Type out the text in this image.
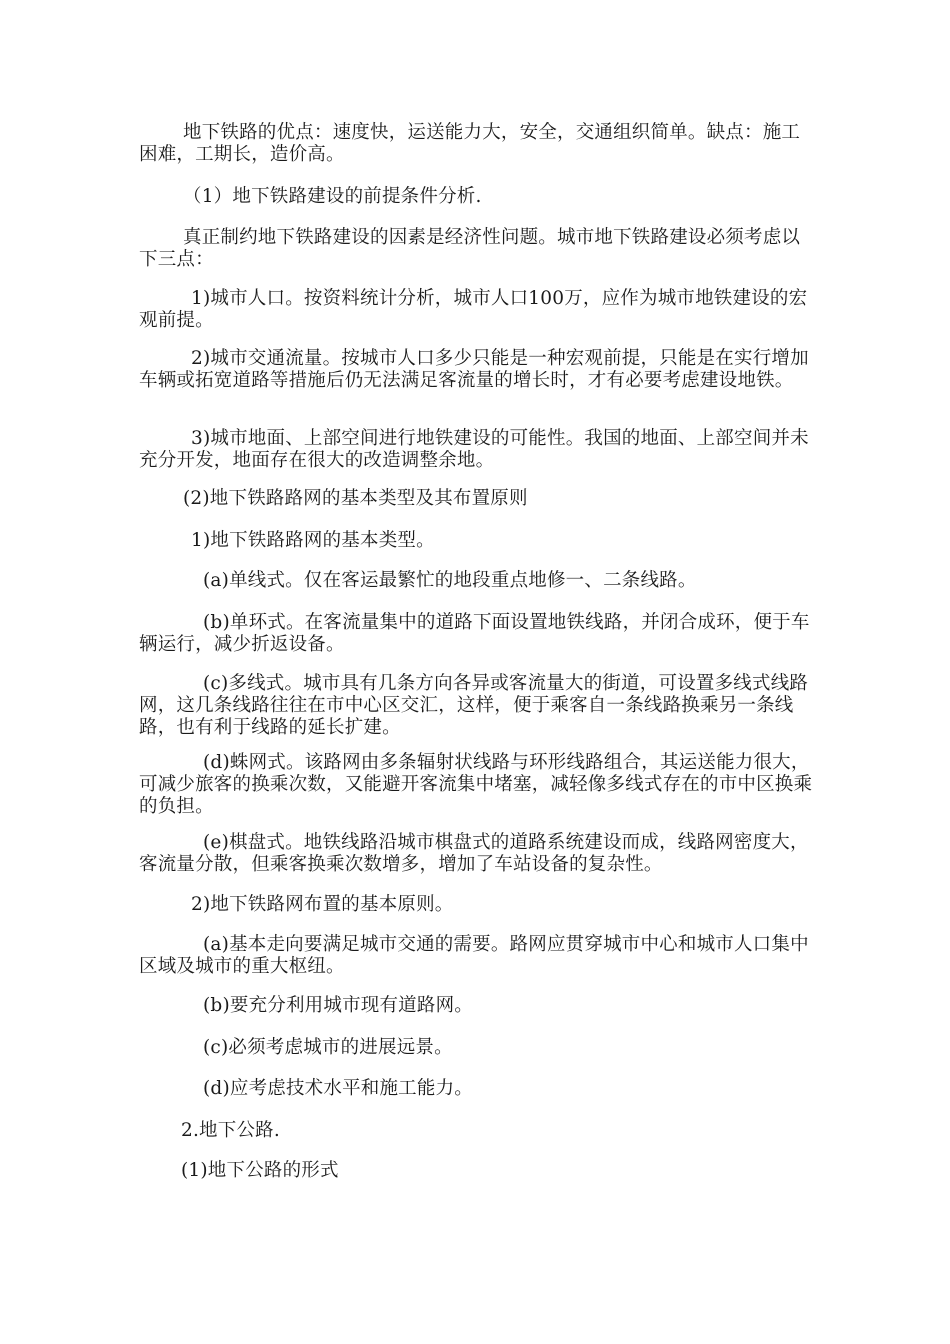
地下铁路的优点：速度快，运送能力大，安全，交通组织简单。缺点：施工困难，工期长，造价高。

（1）地下铁路建设的前提条件分析.

真正制约地下铁路建设的因素是经济性问题。城市地下铁路建设必须考虑以下三点：

1)城市人口。按资料统计分析，城市人口100万，应作为城市地铁建设的宏观前提。

2)城市交通流量。按城市人口多少只能是一种宏观前提，只能是在实行增加车辆或拓宽道路等措施后仍无法满足客流量的增长时，才有必要考虑建设地铁。

3)城市地面、上部空间进行地铁建设的可能性。我国的地面、上部空间并未充分开发，地面存在很大的改造调整余地。

(2)地下铁路路网的基本类型及其布置原则

1)地下铁路路网的基本类型。

(a)单线式。仅在客运最繁忙的地段重点地修一、二条线路。

(b)单环式。在客流量集中的道路下面设置地铁线路，并闭合成环，便于车辆运行，减少折返设备。

(c)多线式。城市具有几条方向各异或客流量大的街道，可设置多线式线路网，这几条线路往往在市中心区交汇，这样，便于乘客自一条线路换乘另一条线路，也有利于线路的延长扩建。

(d)蛛网式。该路网由多条辐射状线路与环形线路组合，其运送能力很大，可减少旅客的换乘次数，又能避开客流集中堵塞，减轻像多线式存在的市中区换乘的负担。

(e)棋盘式。地铁线路沿城市棋盘式的道路系统建设而成，线路网密度大，客流量分散，但乘客换乘次数增多，增加了车站设备的复杂性。

2)地下铁路网布置的基本原则。

(a)基本走向要满足城市交通的需要。路网应贯穿城市中心和城市人口集中区域及城市的重大枢纽。

(b)要充分利用城市现有道路网。

(c)必须考虑城市的进展远景。

(d)应考虑技术水平和施工能力。

2.地下公路.

(1)地下公路的形式
